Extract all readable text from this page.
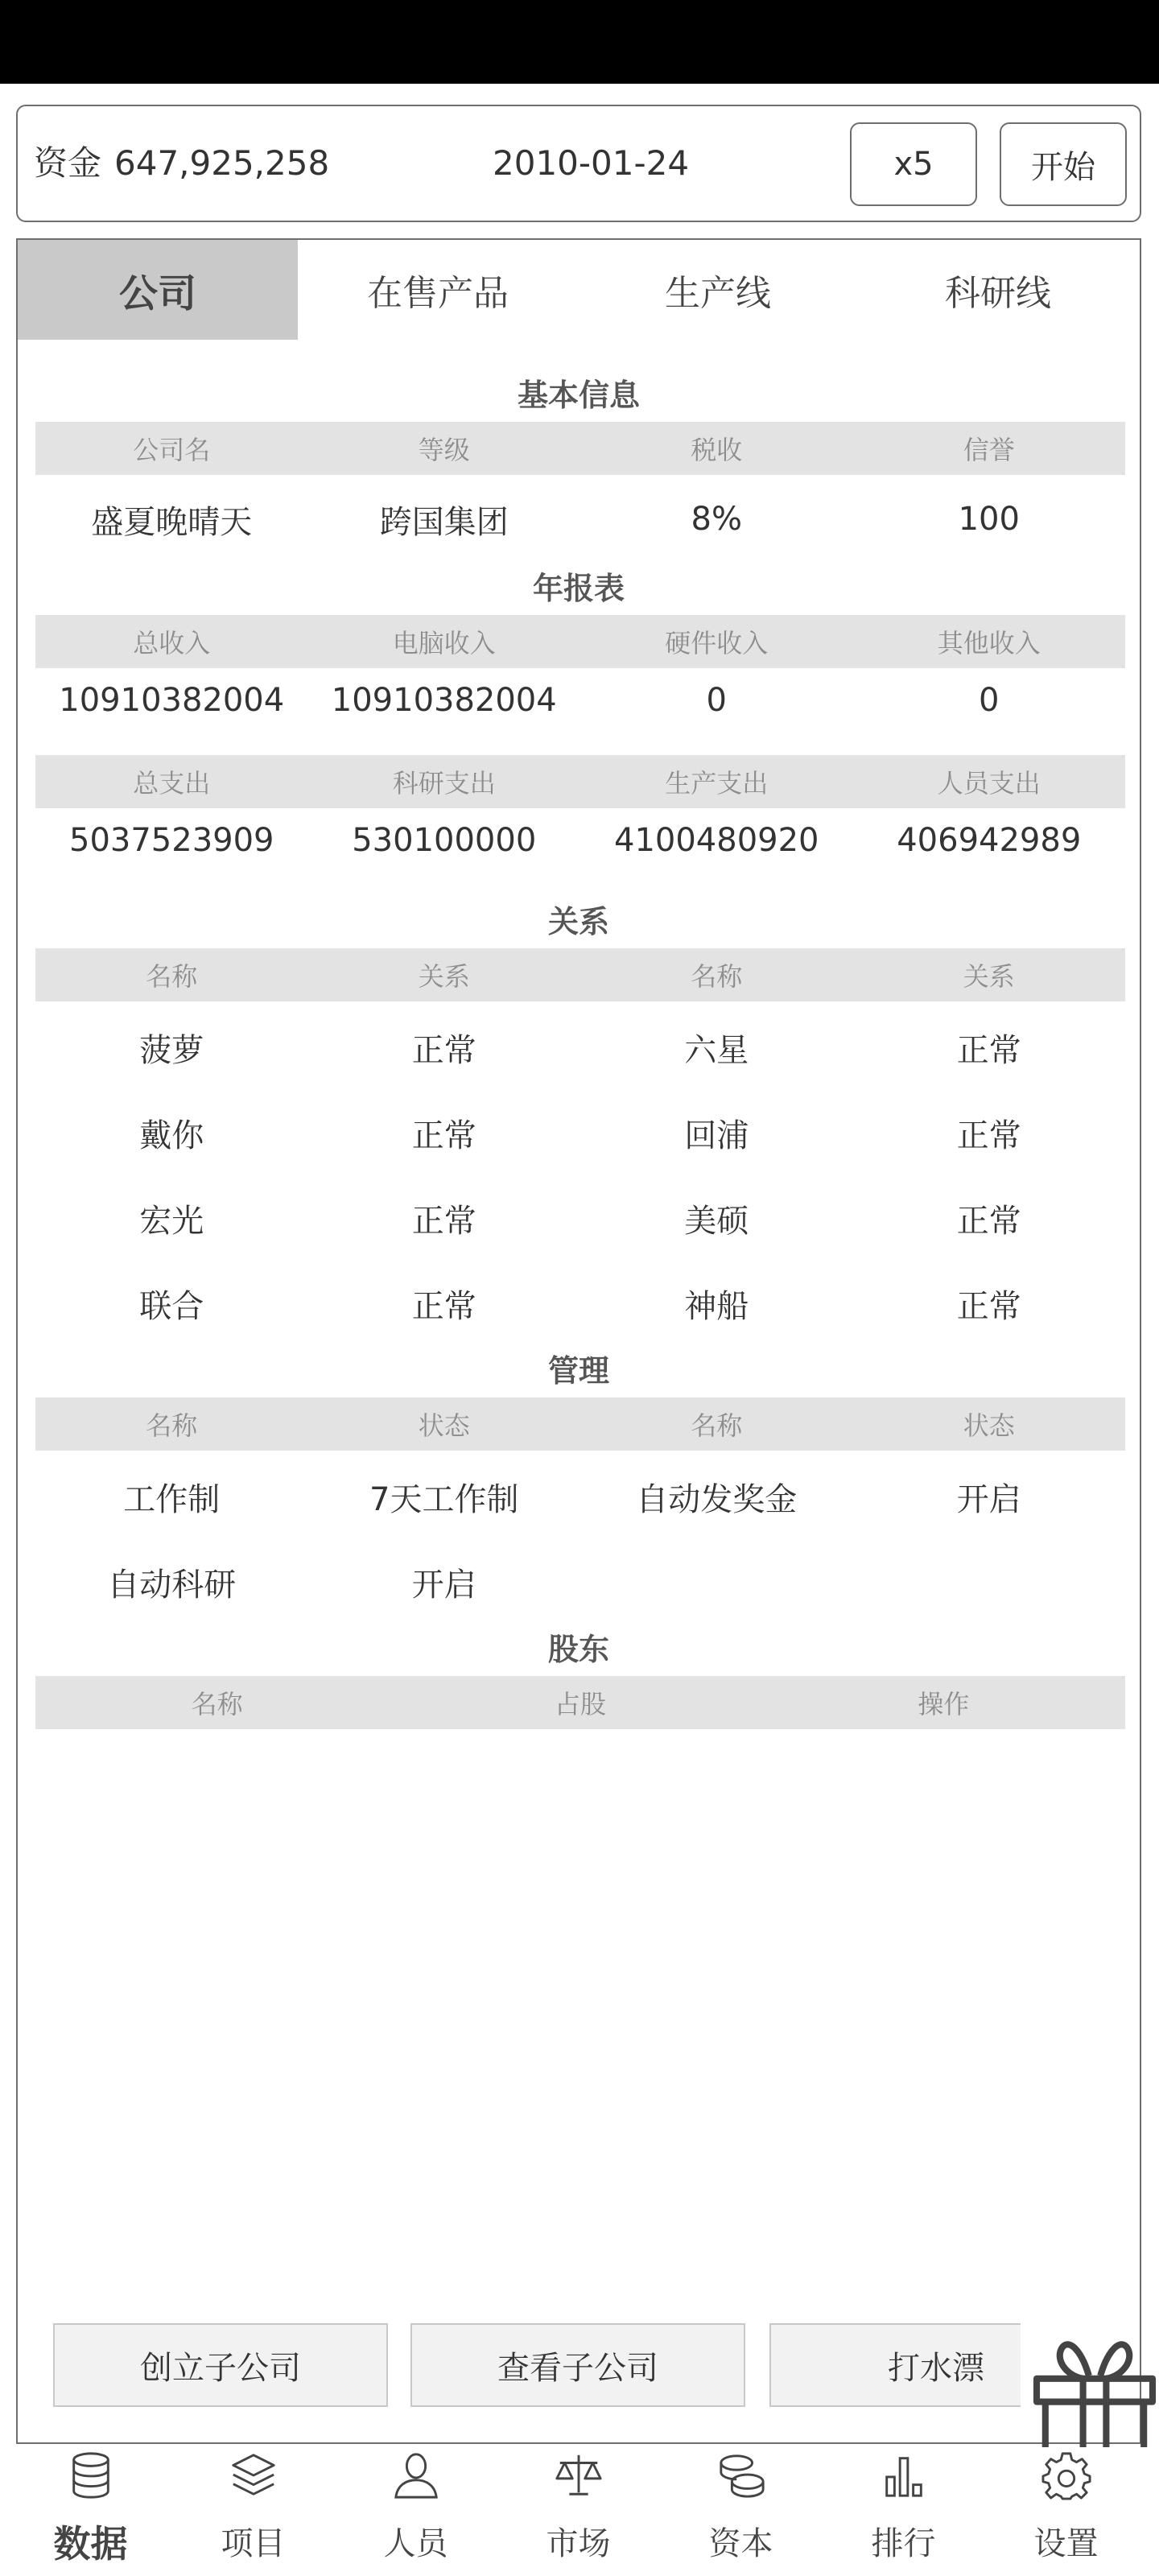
资金 647,925,258	2010-01-24	x5	开始
公司	在售产品	生产线	科研线
基本信息
公司名	等级	税收	信誉
盛夏晚晴天	跨国集团	8%	100
年报表
总收入	电脑收入	硬件收入	其他收入
10910382004	10910382004	0	0
总支出	科研支出	生产支出	人员支出
5037523909	530100000	4100480920	406942989
关系
名称	关系	名称	关系
菠萝	正常	六星	正常
戴你	正常	回浦	正常
宏光	正常	美硕	正常
联合	正常	神船	正常
管理
名称	状态	名称	状态
工作制	7天工作制	自动发奖金	开启
自动科研	开启
股东
名称	占股	操作
创立子公司	查看子公司	打水漂
数据	项目	人员	市场	资本	排行	设置
